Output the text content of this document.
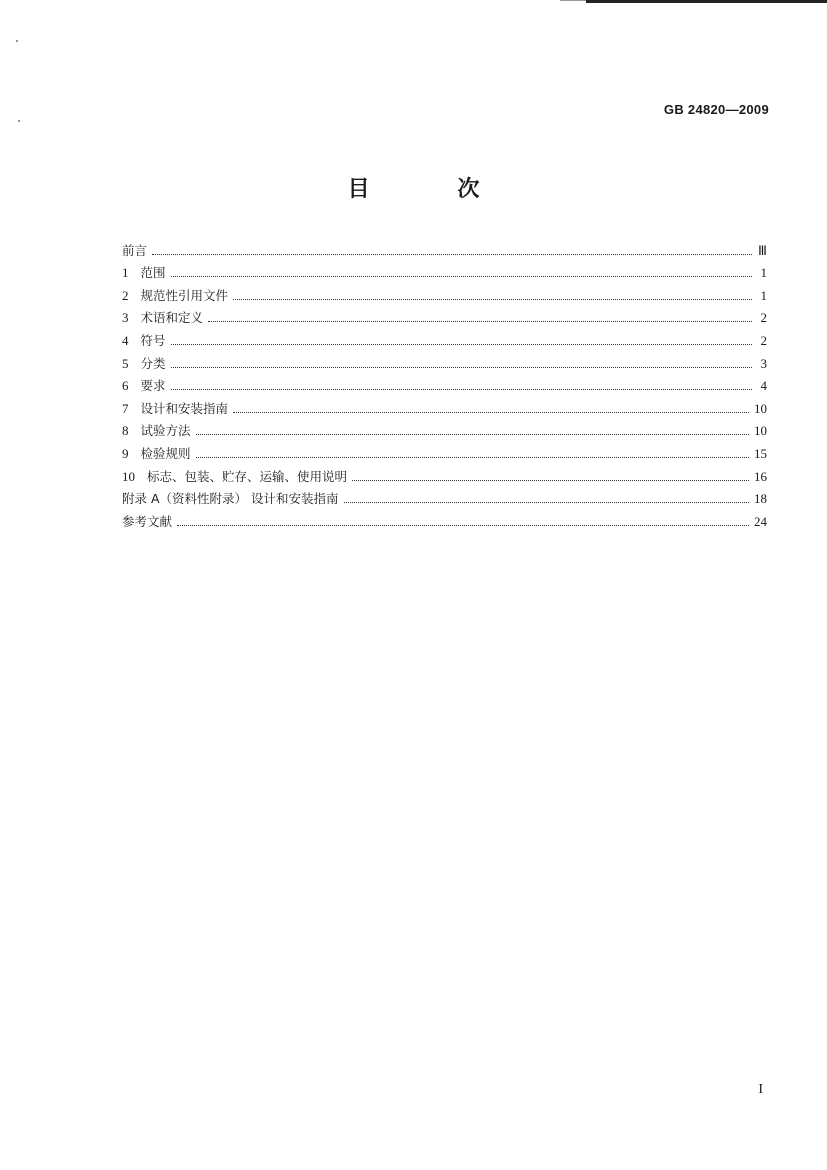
GB 24820—2009
目 次
前言	Ⅲ
1 范围	1
2 规范性引用文件	1
3 术语和定义	2
4 符号	2
5 分类	3
6 要求	4
7 设计和安装指南	10
8 试验方法	10
9 检验规则	15
10 标志、包装、贮存、运输、使用说明	16
附录 A（资料性附录） 设计和安装指南	18
参考文献	24
I
